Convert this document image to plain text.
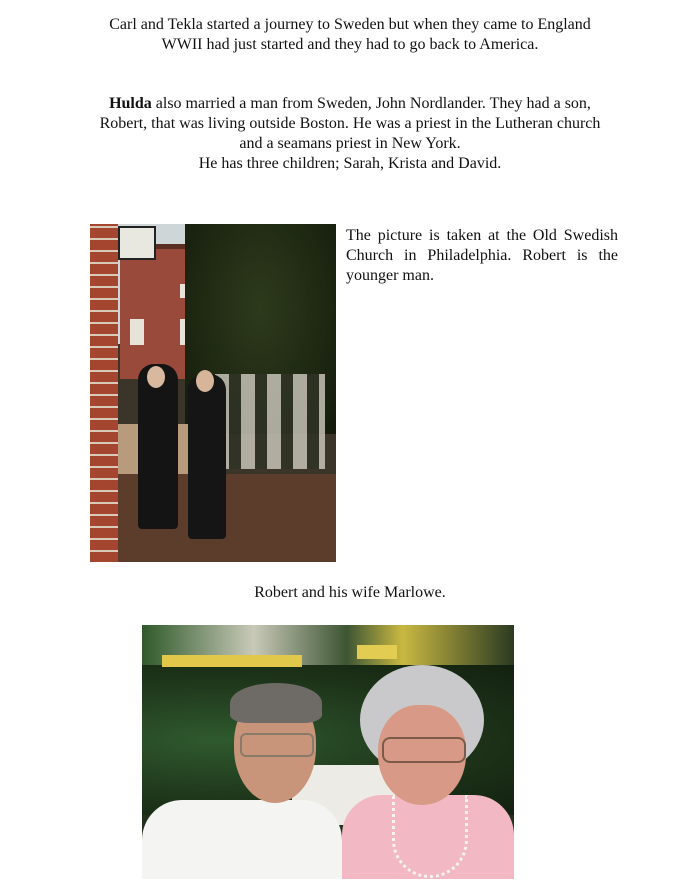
Carl and Tekla started a journey to Sweden but when they came to England
WWII had just started and they had to go back to America.
Hulda also married a man from Sweden, John Nordlander. They had a son,
Robert, that was living outside Boston. He was a priest in the Lutheran church
and a seamans priest in New York.
He has three children; Sarah, Krista and David.

The picture is taken at the Old Swedish Church in Philadelphia. Robert is the younger man.

Robert and his wife Marlowe.
